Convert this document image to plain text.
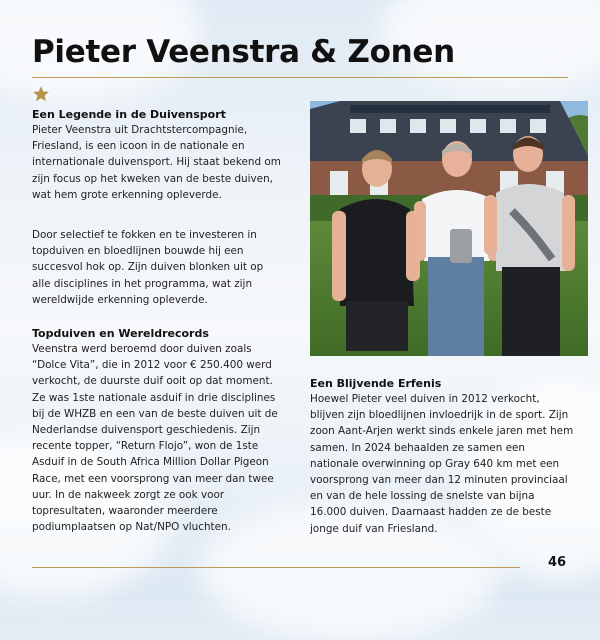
Pieter Veenstra & Zonen
Een Legende in de Duivensport

Pieter Veenstra uit Drachtstercompagnie, Friesland, is een icoon in de nationale en internationale duivensport. Hij staat bekend om zijn focus op het kweken van de beste duiven, wat hem grote erkenning opleverde.

Door selectief te fokken en te investeren in topduiven en bloedlijnen bouwde hij een succesvol hok op. Zijn duiven blonken uit op alle disciplines in het programma, wat zijn wereldwijde erkenning opleverde.

Topduiven en Wereldrecords

Veenstra werd beroemd door duiven zoals “Dolce Vita”, die in 2012 voor € 250.400 werd verkocht, de duurste duif ooit op dat moment. Ze was 1ste nationale asduif in drie disciplines bij de WHZB en een van de beste duiven uit de Nederlandse duivensport geschiedenis. Zijn recente topper, “Return Flojo”, won de 1ste Asduif in de South Africa Million Dollar Pigeon Race, met een voorsprong van meer dan twee uur. In de nakweek zorgt ze ook voor topresultaten, waaronder meerdere podiumplaatsen op Nat/NPO vluchten.

Een Blijvende Erfenis

Hoewel Pieter veel duiven in 2012 verkocht, blijven zijn bloedlijnen invloedrijk in de sport. Zijn zoon Aant-Arjen werkt sinds enkele jaren met hem samen. In 2024 behaalden ze samen een nationale overwinning op Gray 640 km met een voorsprong van meer dan 12 minuten provinciaal en van de hele lossing de snelste van bijna 16.000 duiven. Daarnaast hadden ze de beste jonge duif van Friesland.

46
